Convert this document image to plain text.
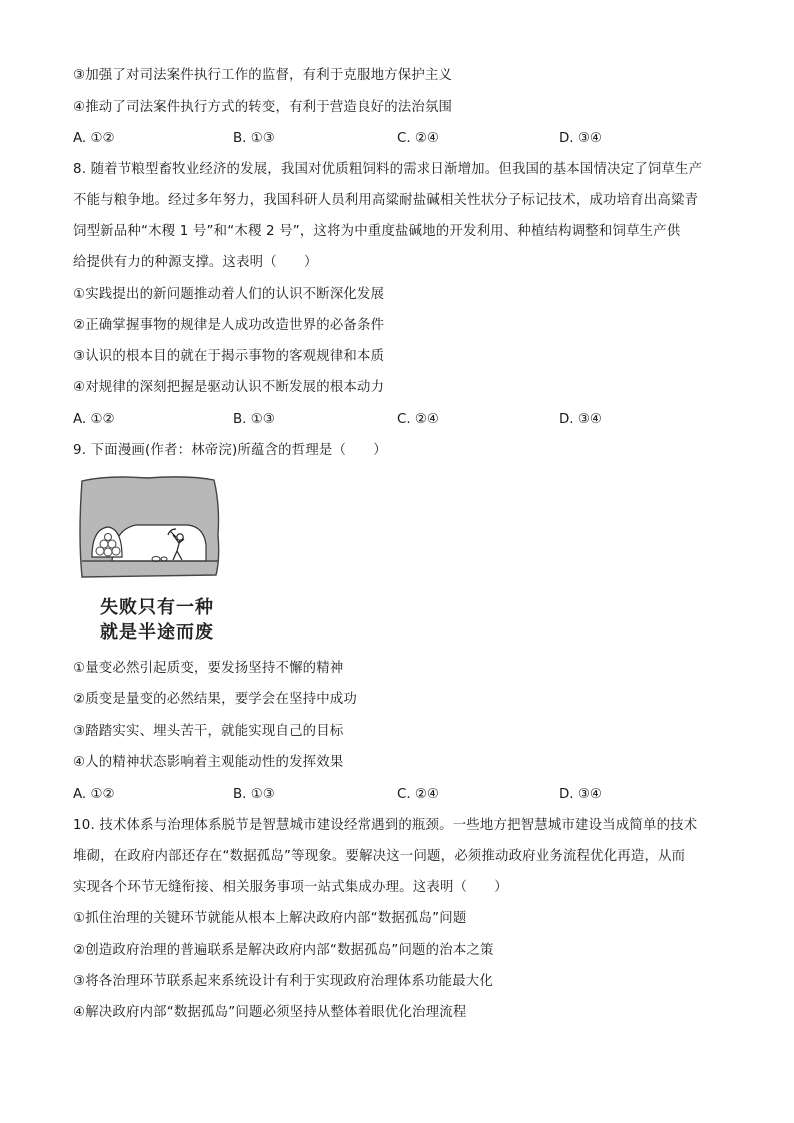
③加强了对司法案件执行工作的监督，有利于克服地方保护主义
④推动了司法案件执行方式的转变，有利于营造良好的法治氛围
A. ①②	B. ①③	C. ②④	D. ③④
8. 随着节粮型畜牧业经济的发展，我国对优质粗饲料的需求日渐增加。但我国的基本国情决定了饲草生产
不能与粮争地。经过多年努力，我国科研人员利用高粱耐盐碱相关性状分子标记技术，成功培育出高粱青
饲型新品种“木稷 1 号”和“木稷 2 号”，这将为中重度盐碱地的开发利用、种植结构调整和饲草生产供
给提供有力的种源支撑。这表明（　　）
①实践提出的新问题推动着人们的认识不断深化发展
②正确掌握事物的规律是人成功改造世界的必备条件
③认识的根本目的就在于揭示事物的客观规律和本质
④对规律的深刻把握是驱动认识不断发展的根本动力
A. ①②	B. ①③	C. ②④	D. ③④
9. 下面漫画(作者：林帝浣)所蕴含的哲理是（　　）
失败只有一种
就是半途而废
①量变必然引起质变，要发扬坚持不懈的精神
②质变是量变的必然结果，要学会在坚持中成功
③踏踏实实、埋头苦干，就能实现自己的目标
④人的精神状态影响着主观能动性的发挥效果
A. ①②	B. ①③	C. ②④	D. ③④
10. 技术体系与治理体系脱节是智慧城市建设经常遇到的瓶颈。一些地方把智慧城市建设当成简单的技术
堆砌，在政府内部还存在“数据孤岛”等现象。要解决这一问题，必须推动政府业务流程优化再造，从而
实现各个环节无缝衔接、相关服务事项一站式集成办理。这表明（　　）
①抓住治理的关键环节就能从根本上解决政府内部“数据孤岛”问题
②创造政府治理的普遍联系是解决政府内部“数据孤岛”问题的治本之策
③将各治理环节联系起来系统设计有利于实现政府治理体系功能最大化
④解决政府内部“数据孤岛”问题必须坚持从整体着眼优化治理流程
